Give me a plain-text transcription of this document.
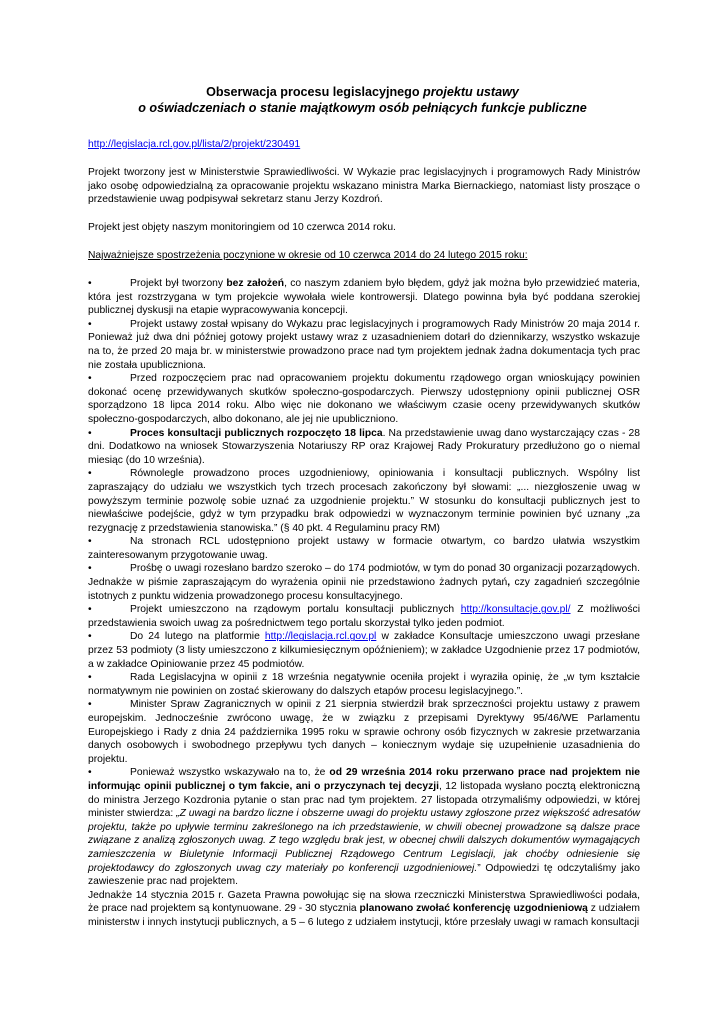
Obserwacja procesu legislacyjnego projektu ustawy
o oświadczeniach o stanie majątkowym osób pełniących funkcje publiczne
http://legislacja.rcl.gov.pl/lista/2/projekt/230491
Projekt tworzony jest w Ministerstwie Sprawiedliwości. W Wykazie prac legislacyjnych i programowych Rady Ministrów jako osobę odpowiedzialną za opracowanie projektu wskazano ministra Marka Biernackiego, natomiast listy proszące o przedstawienie uwag podpisywał sekretarz stanu Jerzy Kozdroń.
Projekt jest objęty naszym monitoringiem od 10 czerwca 2014 roku.
Najważniejsze spostrzeżenia poczynione w okresie od 10 czerwca 2014 do 24 lutego 2015 roku:
•	Projekt był tworzony bez założeń, co naszym zdaniem było błędem, gdyż jak można było przewidzieć materia, która jest rozstrzygana w tym projekcie wywołała wiele kontrowersji. Dlatego powinna była być poddana szerokiej publicznej dyskusji na etapie wypracowywania koncepcji.
•	Projekt ustawy został wpisany do Wykazu prac legislacyjnych i programowych Rady Ministrów 20 maja 2014 r. Ponieważ już dwa dni później gotowy projekt ustawy wraz z uzasadnieniem dotarł do dziennikarzy, wszystko wskazuje na to, że przed 20 maja br. w ministerstwie prowadzono prace nad tym projektem jednak żadna dokumentacja tych prac nie została upubliczniona.
•	Przed rozpoczęciem prac nad opracowaniem projektu dokumentu rządowego organ wnioskujący powinien dokonać ocenę przewidywanych skutków społeczno-gospodarczych. Pierwszy udostępniony opinii publicznej OSR sporządzono 18 lipca 2014 roku. Albo więc nie dokonano we właściwym czasie oceny przewidywanych skutków społeczno-gospodarczych, albo dokonano, ale jej nie upubliczniono.
•	Proces konsultacji publicznych rozpoczęto 18 lipca. Na przedstawienie uwag dano wystarczający czas - 28 dni. Dodatkowo na wniosek Stowarzyszenia Notariuszy RP oraz Krajowej Rady Prokuratury przedłużono go o niemal miesiąc (do 10 września).
•	Równolegle prowadzono proces uzgodnieniowy, opiniowania i konsultacji publicznych. Wspólny list zapraszający do udziału we wszystkich tych trzech procesach zakończony był słowami: „... niezgłoszenie uwag w powyższym terminie pozwolę sobie uznać za uzgodnienie projektu.” W stosunku do konsultacji publicznych jest to niewłaściwe podejście, gdyż w tym przypadku brak odpowiedzi w wyznaczonym terminie powinien być uznany „za rezygnację z przedstawienia stanowiska.” (§ 40 pkt. 4 Regulaminu pracy RM)
•	Na stronach RCL udostępniono projekt ustawy w formacie otwartym, co bardzo ułatwia wszystkim zainteresowanym przygotowanie uwag.
•	Prośbę o uwagi rozesłano bardzo szeroko – do 174 podmiotów, w tym do ponad 30 organizacji pozarządowych. Jednakże w piśmie zapraszającym do wyrażenia opinii nie przedstawiono żadnych pytań, czy zagadnień szczególnie istotnych z punktu widzenia prowadzonego procesu konsultacyjnego.
•	Projekt umieszczono na rządowym portalu konsultacji publicznych http://konsultacje.gov.pl/ Z możliwości przedstawienia swoich uwag za pośrednictwem tego portalu skorzystał tylko jeden podmiot.
•	Do 24 lutego na platformie http://legislacja.rcl.gov.pl w zakładce Konsultacje umieszczono uwagi przesłane przez 53 podmioty (3 listy umieszczono z kilkumiesięcznym opóźnieniem); w zakładce Uzgodnienie przez 17 podmiotów, a w zakładce Opiniowanie przez 45 podmiotów.
•	Rada Legislacyjna w opinii z 18 września negatywnie oceniła projekt i wyraziła opinię, że „w tym kształcie normatywnym nie powinien on zostać skierowany do dalszych etapów procesu legislacyjnego.”.
•	Minister Spraw Zagranicznych w opinii z 21 sierpnia stwierdził brak sprzeczności projektu ustawy z prawem europejskim. Jednocześnie zwrócono uwagę, że w związku z przepisami Dyrektywy 95/46/WE Parlamentu Europejskiego i Rady z dnia 24 października 1995 roku w sprawie ochrony osób fizycznych w zakresie przetwarzania danych osobowych i swobodnego przepływu tych danych – koniecznym wydaje się uzupełnienie uzasadnienia do projektu.
•	Ponieważ wszystko wskazywało na to, że od 29 września 2014 roku przerwano prace nad projektem nie informując opinii publicznej o tym fakcie, ani o przyczynach tej decyzji, 12 listopada wysłano pocztą elektroniczną do ministra Jerzego Kozdronia pytanie o stan prac nad tym projektem. 27 listopada otrzymaliśmy odpowiedzi, w której minister stwierdza: „Z uwagi na bardzo liczne i obszerne uwagi do projektu ustawy zgłoszone przez większość adresatów projektu, także po upływie terminu zakreślonego na ich przedstawienie, w chwili obecnej prowadzone są dalsze prace związane z analizą zgłoszonych uwag. Z tego względu brak jest, w obecnej chwili dalszych dokumentów wymagających zamieszczenia w Biuletynie Informacji Publicznej Rządowego Centrum Legislacji, jak choćby odniesienie się projektodawcy do zgłoszonych uwag czy materiały po konferencji uzgodnieniowej.” Odpowiedzi tę odczytaliśmy jako zawieszenie prac nad projektem.
Jednakże 14 stycznia 2015 r. Gazeta Prawna powołując się na słowa rzeczniczki Ministerstwa Sprawiedliwości podała, że prace nad projektem są kontynuowane. 29 - 30 stycznia planowano zwołać konferencję uzgodnieniową z udziałem ministerstw i innych instytucji publicznych, a 5 – 6 lutego z udziałem instytucji, które przesłały uwagi w ramach konsultacji
